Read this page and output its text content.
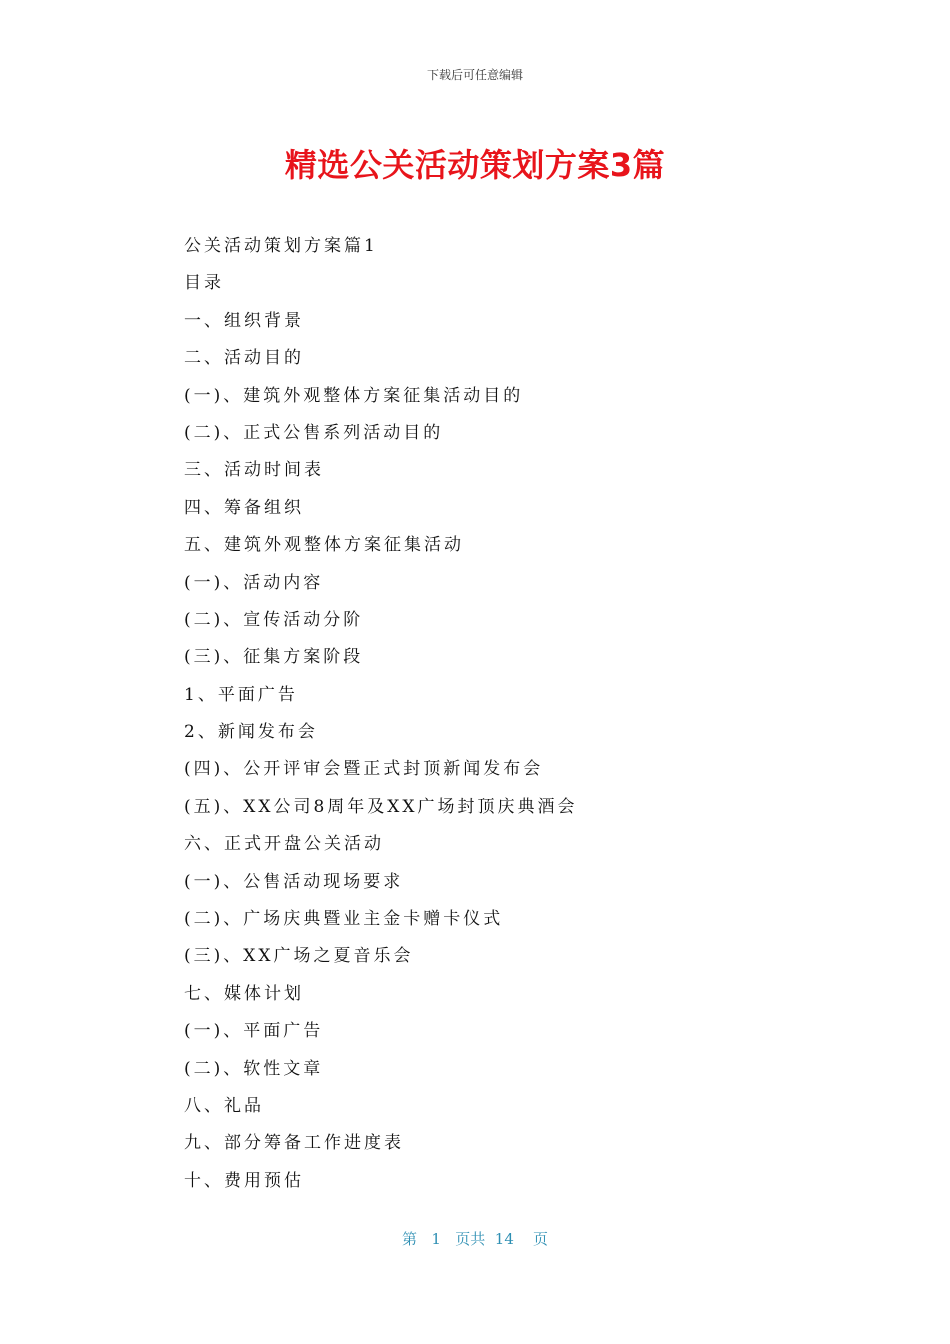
下载后可任意编辑
精选公关活动策划方案3篇
公关活动策划方案篇1
目录
一、组织背景
二、活动目的
(一)、建筑外观整体方案征集活动目的
(二)、正式公售系列活动目的
三、活动时间表
四、筹备组织
五、建筑外观整体方案征集活动
(一)、活动内容
(二)、宣传活动分阶
(三)、征集方案阶段
1、平面广告
2、新闻发布会
(四)、公开评审会暨正式封顶新闻发布会
(五)、XX公司8周年及XX广场封顶庆典酒会
六、正式开盘公关活动
(一)、公售活动现场要求
(二)、广场庆典暨业主金卡赠卡仪式
(三)、XX广场之夏音乐会
七、媒体计划
(一)、平面广告
(二)、软性文章
八、礼品
九、部分筹备工作进度表
十、费用预估
第 1 页共 14 页
